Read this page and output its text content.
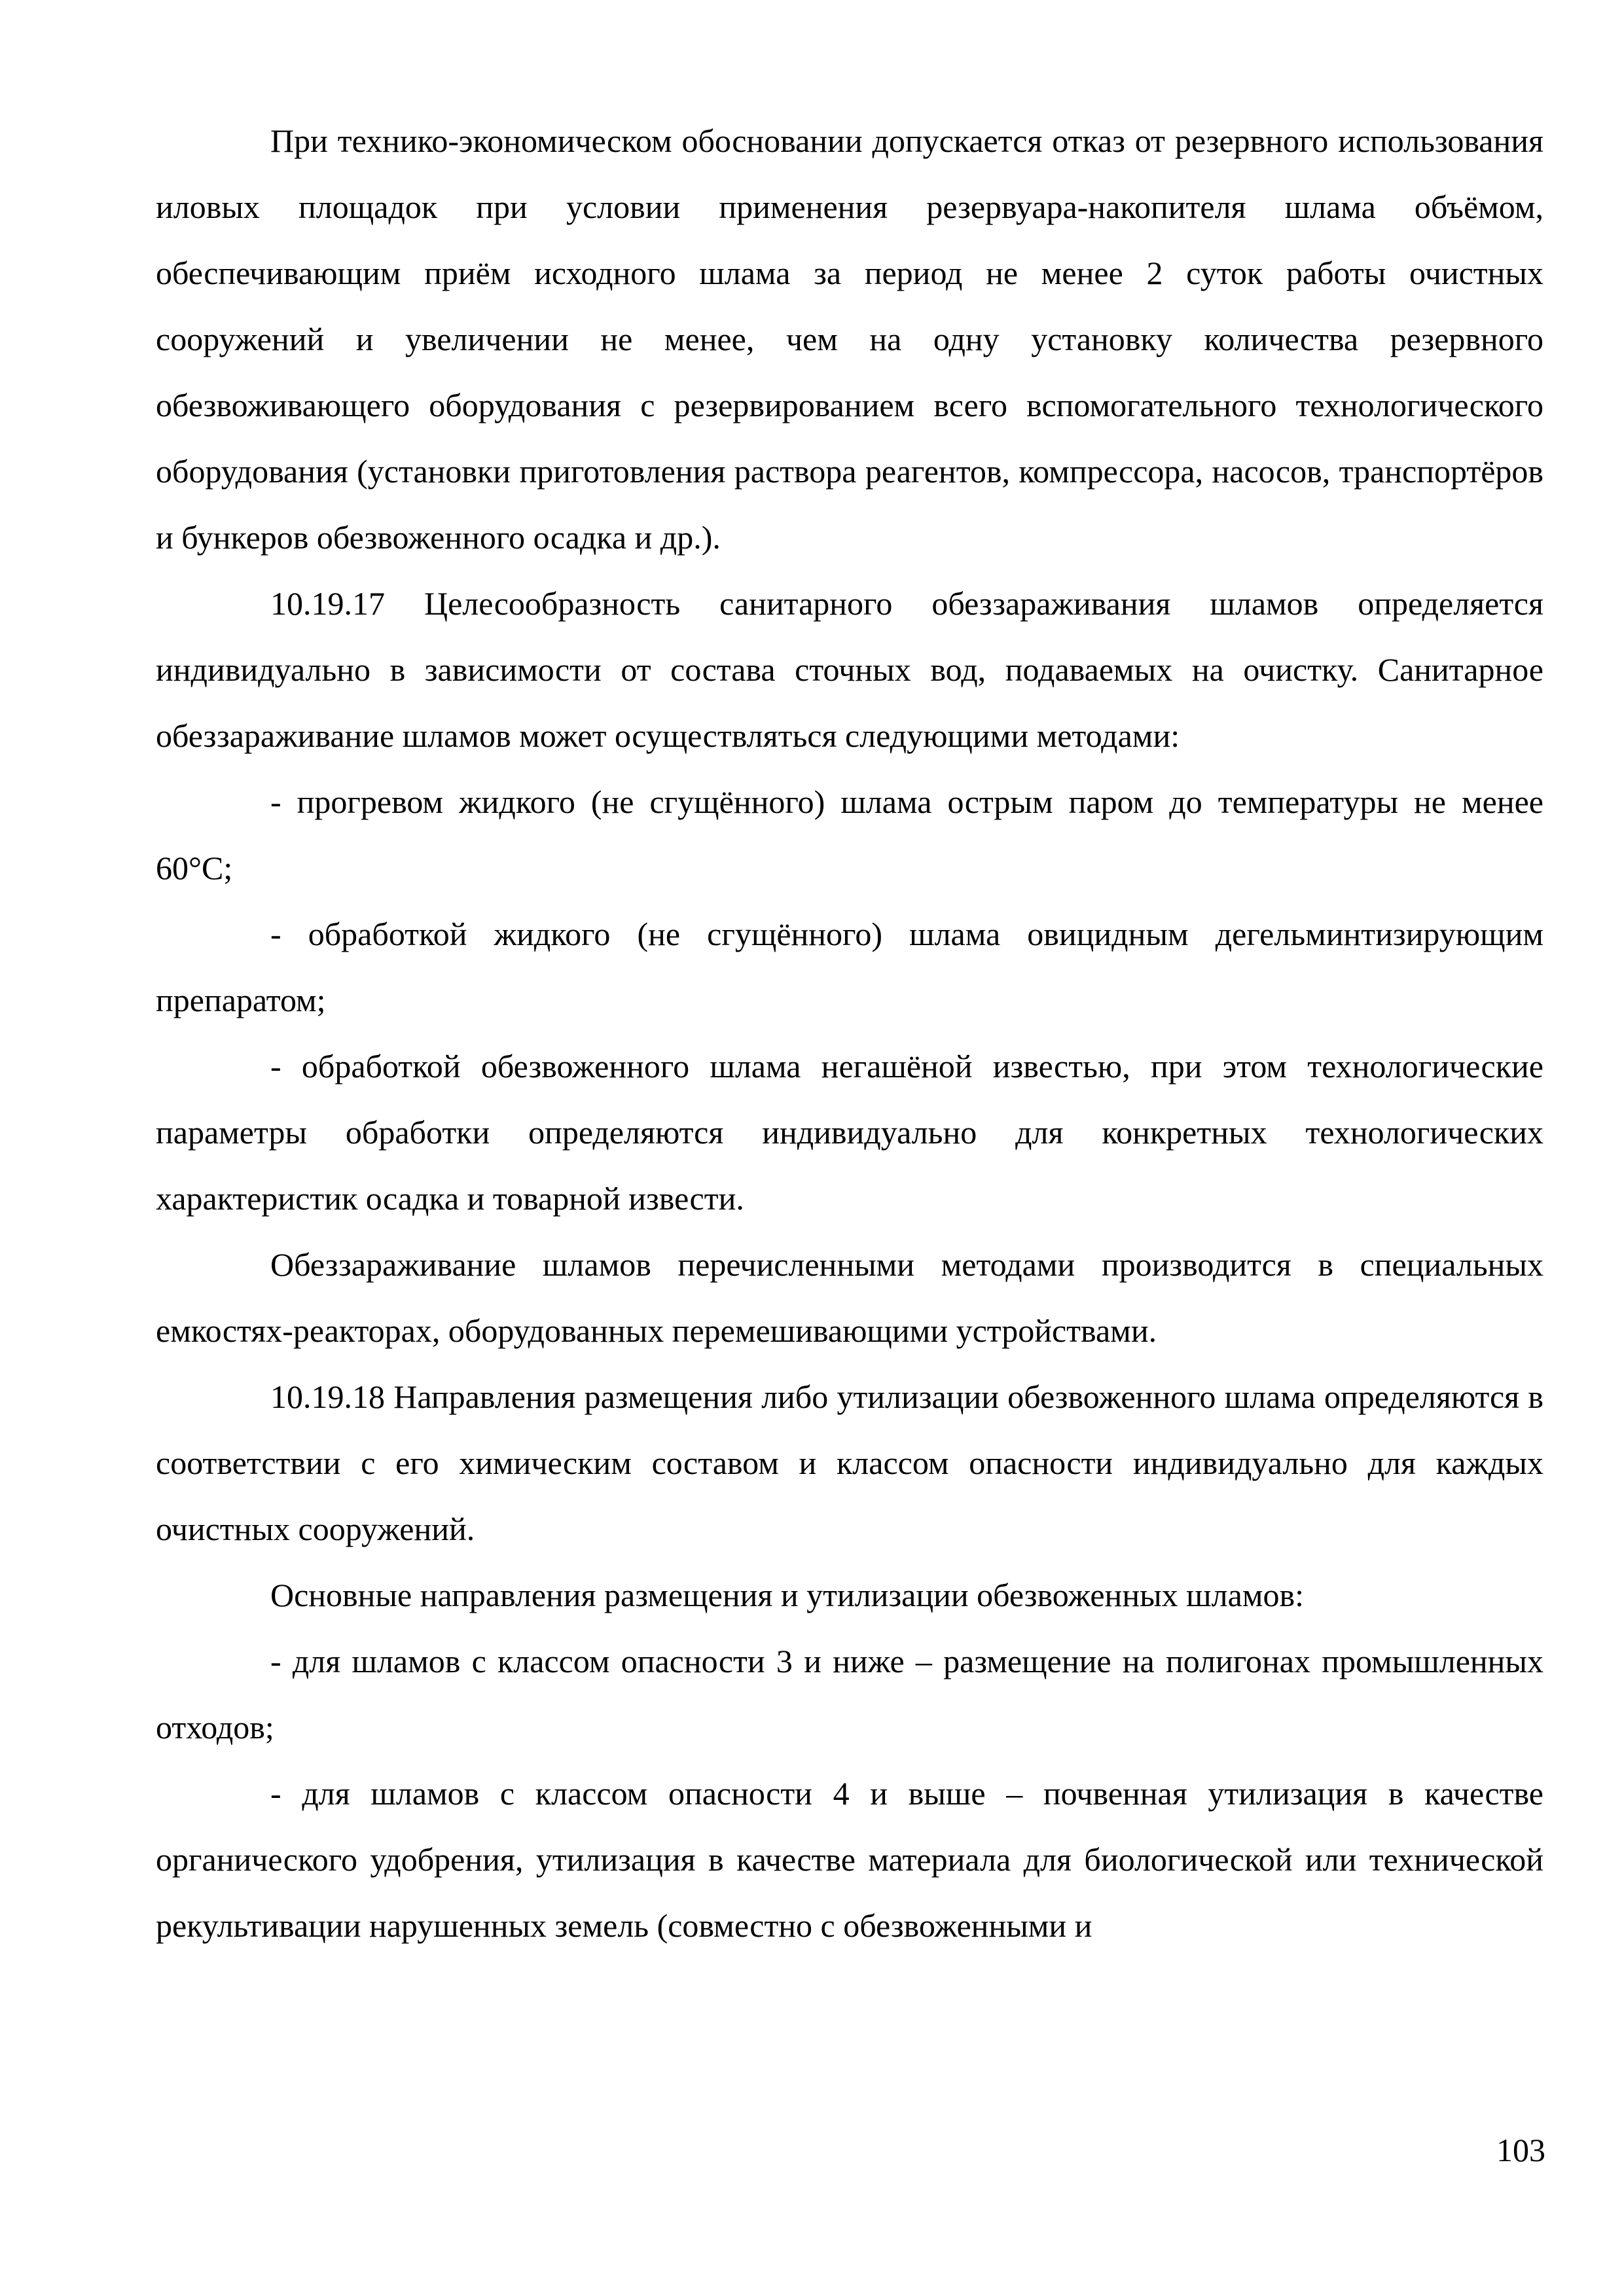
При технико-экономическом обосновании допускается отказ от резервного использования иловых площадок при условии применения резервуара-накопителя шлама объёмом, обеспечивающим приём исходного шлама за период не менее 2 суток работы очистных сооружений и увеличении не менее, чем на одну установку количества резервного обезвоживающего оборудования с резервированием всего вспомогательного технологического оборудования (установки приготовления раствора реагентов, компрессора, насосов, транспортёров и бункеров обезвоженного осадка и др.).

10.19.17 Целесообразность санитарного обеззараживания шламов определяется индивидуально в зависимости от состава сточных вод, подаваемых на очистку. Санитарное обеззараживание шламов может осуществляться следующими методами:

- прогревом жидкого (не сгущённого) шлама острым паром до температуры не менее 60°С;

- обработкой жидкого (не сгущённого) шлама овицидным дегельминтизирующим препаратом;

- обработкой обезвоженного шлама негашёной известью, при этом технологические параметры обработки определяются индивидуально для конкретных технологических характеристик осадка и товарной извести.

Обеззараживание шламов перечисленными методами производится в специальных емкостях-реакторах, оборудованных перемешивающими устройствами.

10.19.18 Направления размещения либо утилизации обезвоженного шлама определяются в соответствии с его химическим составом и классом опасности индивидуально для каждых очистных сооружений.

Основные направления размещения и утилизации обезвоженных шламов:

- для шламов с классом опасности 3 и ниже – размещение на полигонах промышленных отходов;

- для шламов с классом опасности 4 и выше – почвенная утилизация в качестве органического удобрения, утилизация в качестве материала для биологической или технической рекультивации нарушенных земель (совместно с обезвоженными и

103
